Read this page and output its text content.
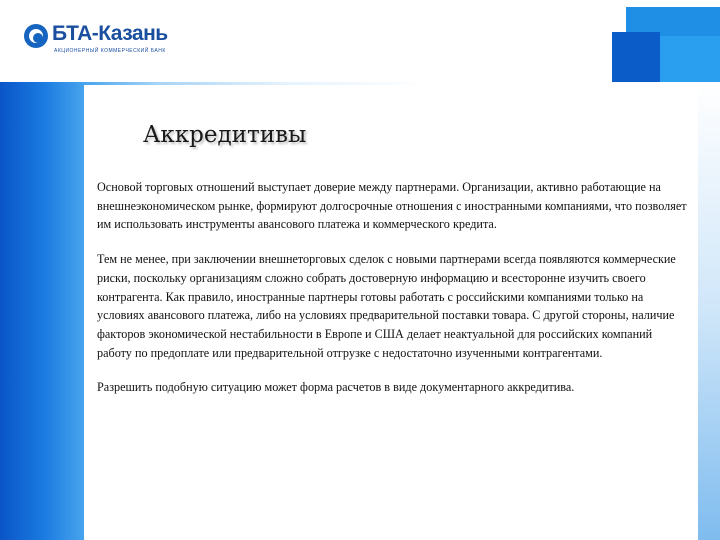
БТА-Казань
АКЦИОНЕРНЫЙ КОММЕРЧЕСКИЙ БАНК
Аккредитивы

Основой торговых отношений выступает доверие между партнерами. Организации, активно работающие на внешнеэкономическом рынке, формируют долгосрочные отношения с иностранными компаниями, что позволяет им использовать инструменты авансового платежа и коммерческого кредита.

Тем не менее, при заключении внешнеторговых сделок с новыми партнерами всегда появляются коммерческие риски, поскольку организациям сложно собрать достоверную информацию и всесторонне изучить своего контрагента. Как правило, иностранные партнеры готовы работать с российскими компаниями только на условиях авансового платежа, либо на условиях предварительной поставки товара. С другой стороны, наличие факторов экономической нестабильности в Европе и США делает неактуальной для российских компаний работу по предоплате или предварительной отгрузке с недостаточно изученными контрагентами.

Разрешить подобную ситуацию может форма расчетов в виде документарного аккредитива.
